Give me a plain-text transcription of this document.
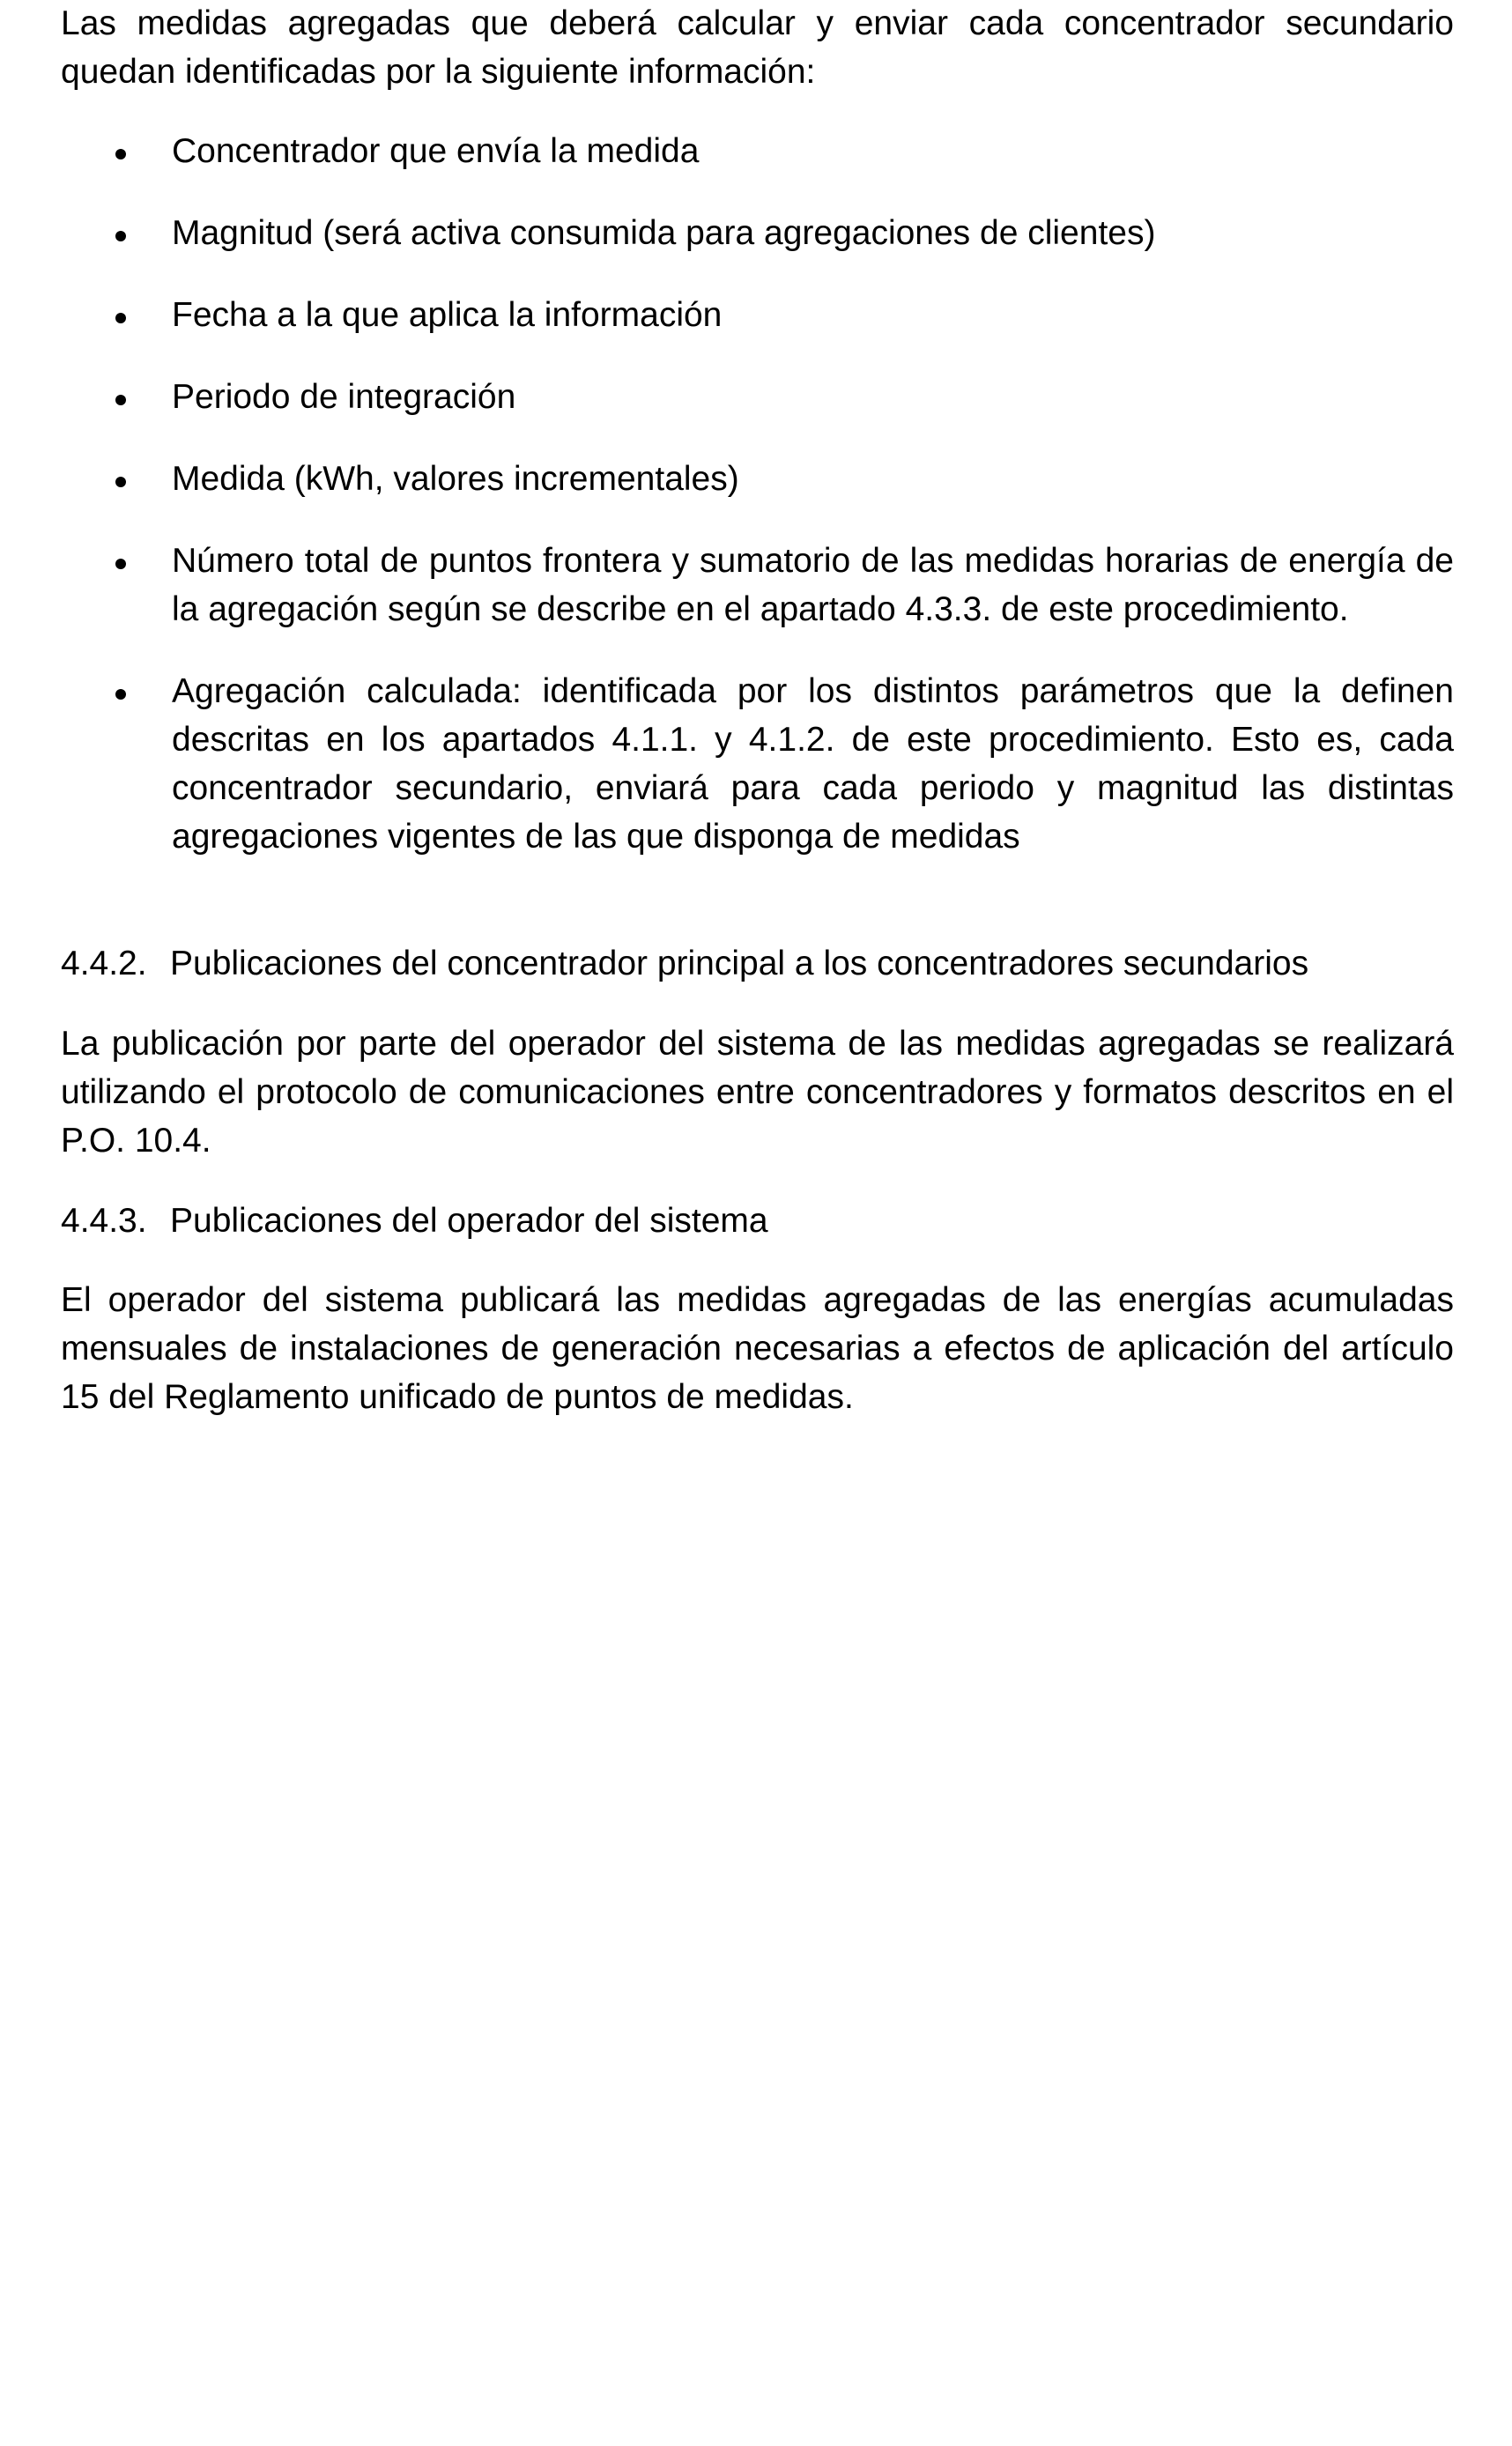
Las medidas agregadas que deberá calcular y enviar cada concentrador secundario quedan identificadas por la siguiente información:

Concentrador que envía la medida
Magnitud (será activa consumida para agregaciones de clientes)
Fecha a la que aplica la información
Periodo de integración
Medida (kWh, valores incrementales)
Número total de puntos frontera y sumatorio de las medidas horarias de energía de la agregación según se describe en el apartado 4.3.3. de este procedimiento.
Agregación calculada: identificada por los distintos parámetros que la definen descritas en los apartados 4.1.1. y 4.1.2. de este procedimiento. Esto es, cada concentrador secundario, enviará para cada periodo y magnitud las distintas agregaciones vigentes de las que disponga de medidas

4.4.2. Publicaciones del concentrador principal a los concentradores secundarios

La publicación por parte del operador del sistema de las medidas agregadas se realizará utilizando el protocolo de comunicaciones entre concentradores y formatos descritos en el P.O. 10.4.

4.4.3. Publicaciones del operador del sistema

El operador del sistema publicará las medidas agregadas de las energías acumuladas mensuales de instalaciones de generación necesarias a efectos de aplicación del artículo 15 del Reglamento unificado de puntos de medidas.
